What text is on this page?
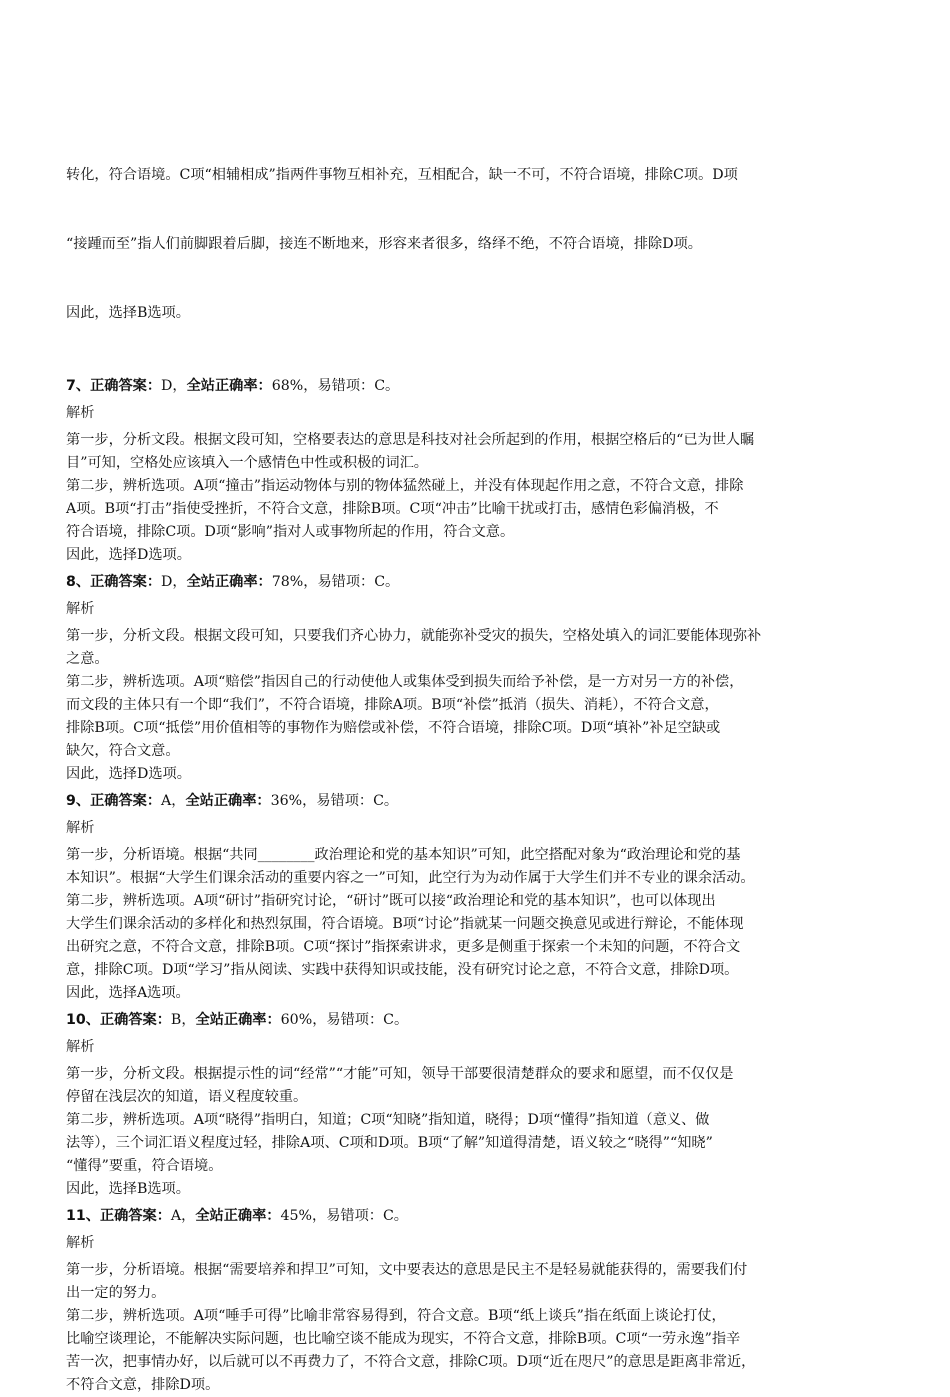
转化，符合语境。C项“相辅相成”指两件事物互相补充，互相配合，缺一不可，不符合语境，排除C项。D项

“接踵而至”指人们前脚跟着后脚，接连不断地来，形容来者很多，络绎不绝，不符合语境，排除D项。

因此，选择B选项。

7、正确答案：D，全站正确率：68%，易错项：C。
解析
第一步，分析文段。根据文段可知，空格要表达的意思是科技对社会所起到的作用，根据空格后的“已为世人瞩
目”可知，空格处应该填入一个感情色中性或积极的词汇。
第二步，辨析选项。A项“撞击”指运动物体与别的物体猛然碰上，并没有体现起作用之意，不符合文意，排除
A项。B项“打击”指使受挫折，不符合文意，排除B项。C项“冲击”比喻干扰或打击，感情色彩偏消极，不
符合语境，排除C项。D项“影响”指对人或事物所起的作用，符合文意。
因此，选择D选项。
8、正确答案：D，全站正确率：78%，易错项：C。
解析
第一步，分析文段。根据文段可知，只要我们齐心协力，就能弥补受灾的损失，空格处填入的词汇要能体现弥补
之意。
第二步，辨析选项。A项“赔偿”指因自己的行动使他人或集体受到损失而给予补偿，是一方对另一方的补偿，
而文段的主体只有一个即“我们”，不符合语境，排除A项。B项“补偿”抵消（损失、消耗），不符合文意，
排除B项。C项“抵偿”用价值相等的事物作为赔偿或补偿，不符合语境，排除C项。D项“填补”补足空缺或
缺欠，符合文意。
因此，选择D选项。
9、正确答案：A，全站正确率：36%，易错项：C。
解析
第一步，分析语境。根据“共同________政治理论和党的基本知识”可知，此空搭配对象为“政治理论和党的基
本知识”。根据“大学生们课余活动的重要内容之一”可知，此空行为为动作属于大学生们并不专业的课余活动。
第二步，辨析选项。A项“研讨”指研究讨论，“研讨”既可以接“政治理论和党的基本知识”，也可以体现出
大学生们课余活动的多样化和热烈氛围，符合语境。B项“讨论”指就某一问题交换意见或进行辩论，不能体现
出研究之意，不符合文意，排除B项。C项“探讨”指探索讲求，更多是侧重于探索一个未知的问题，不符合文
意，排除C项。D项“学习”指从阅读、实践中获得知识或技能，没有研究讨论之意，不符合文意，排除D项。
因此，选择A选项。
10、正确答案：B，全站正确率：60%，易错项：C。
解析
第一步，分析文段。根据提示性的词“经常”“才能”可知，领导干部要很清楚群众的要求和愿望，而不仅仅是
停留在浅层次的知道，语义程度较重。
第二步，辨析选项。A项“晓得”指明白，知道；C项“知晓”指知道，晓得；D项“懂得”指知道（意义、做
法等），三个词汇语义程度过轻，排除A项、C项和D项。B项“了解”知道得清楚，语义较之“晓得”“知晓”
“懂得”要重，符合语境。
因此，选择B选项。
11、正确答案：A，全站正确率：45%，易错项：C。
解析
第一步，分析语境。根据“需要培养和捍卫”可知，文中要表达的意思是民主不是轻易就能获得的，需要我们付
出一定的努力。
第二步，辨析选项。A项“唾手可得”比喻非常容易得到，符合文意。B项“纸上谈兵”指在纸面上谈论打仗，
比喻空谈理论，不能解决实际问题，也比喻空谈不能成为现实，不符合文意，排除B项。C项“一劳永逸”指辛
苦一次，把事情办好，以后就可以不再费力了，不符合文意，排除C项。D项“近在咫尺”的意思是距离非常近，
不符合文意，排除D项。
